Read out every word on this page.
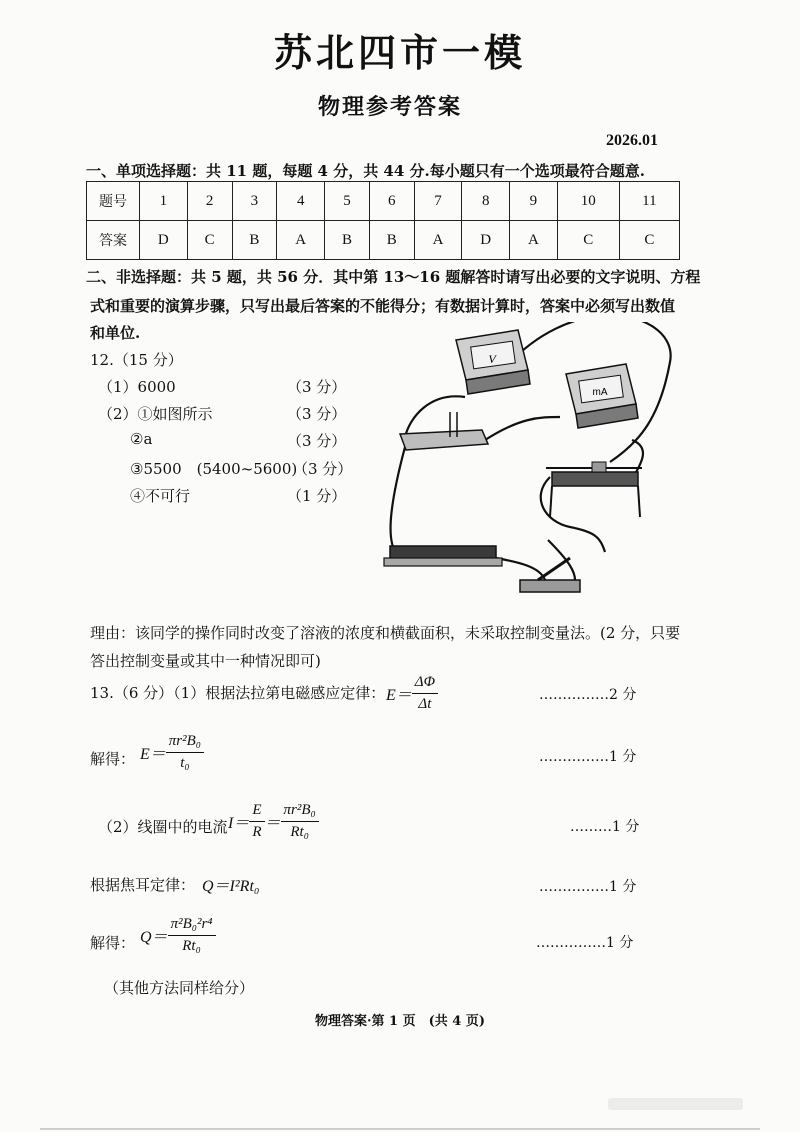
苏北四市一模
物理参考答案
2026.01
一、单项选择题：共 11 题，每题 4 分，共 44 分.每小题只有一个选项最符合题意.
题号	1	2	3	4	5	6	7	8	9	10	11
答案	D	C	B	A	B	B	A	D	A	C	C
二、非选择题：共 5 题，共 56 分．其中第 13～16 题解答时请写出必要的文字说明、方程
式和重要的演算步骤，只写出最后答案的不能得分；有数据计算时，答案中必须写出数值
和单位.
12.（15 分）
（1）6000	（3 分）
（2）①如图所示	（3 分）
②a	（3 分）
③5500　(5400~5600)
（3 分）
④不可行	（1 分）
V
mA
理由：该同学的操作同时改变了溶液的浓度和横截面积，未采取控制变量法。(2 分，只要
答出控制变量或其中一种情况即可)
13.（6 分）（1）根据法拉第电磁感应定律： $E= \frac{\Delta\Phi}{\Delta t}$	……………2 分
解得： $E= \frac{\text{πr²B₀}}{\text{t₀}}$	……………1 分
（2）线圈中的电流 $I= \frac{E}{R} = \frac{\text{πr²B₀}}{\text{Rt₀}}$	………1 分
根据焦耳定律： Q＝I²Rt₀	……………1 分
解得： $Q= \frac{\text{π²B₀²r⁴}}{\text{Rt₀}}$	……………1 分
（其他方法同样给分）
物理答案·第 1 页　(共 4 页)
